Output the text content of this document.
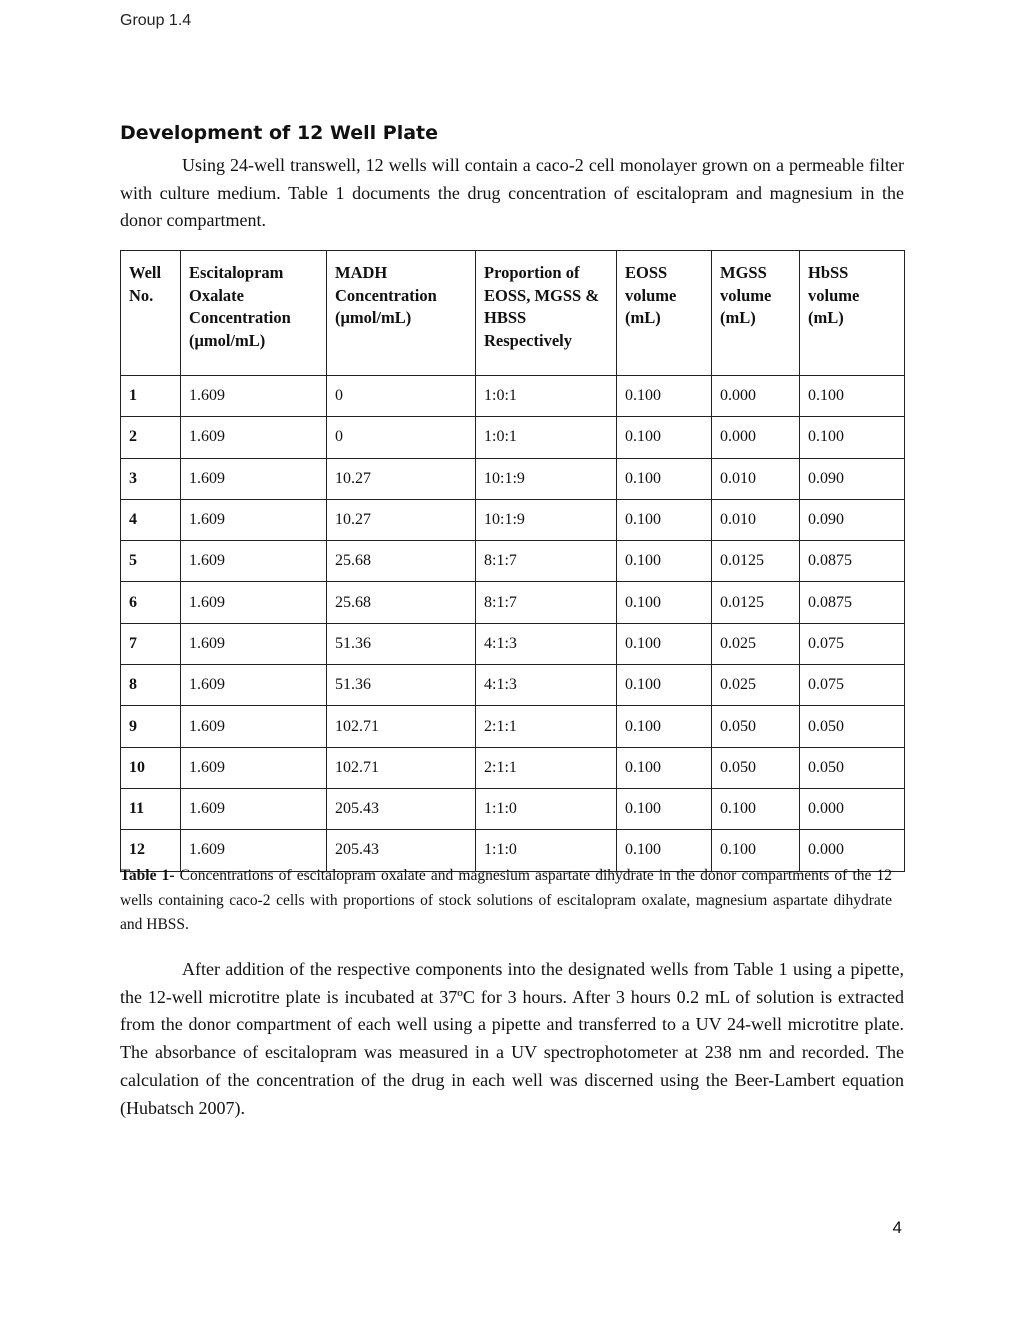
Group 1.4
Development of 12 Well Plate

Using 24-well transwell, 12 wells will contain a caco-2 cell monolayer grown on a permeable filter with culture medium. Table 1 documents the drug concentration of escitalopram and magnesium in the donor compartment.

Well No.	Escitalopram Oxalate Concentration (μmol/mL)	MADH Concentration (μmol/mL)	Proportion of EOSS, MGSS & HBSS Respectively	EOSS volume (mL)	MGSS volume (mL)	HbSS volume (mL)
1	1.609	0	1:0:1	0.100	0.000	0.100
2	1.609	0	1:0:1	0.100	0.000	0.100
3	1.609	10.27	10:1:9	0.100	0.010	0.090
4	1.609	10.27	10:1:9	0.100	0.010	0.090
5	1.609	25.68	8:1:7	0.100	0.0125	0.0875
6	1.609	25.68	8:1:7	0.100	0.0125	0.0875
7	1.609	51.36	4:1:3	0.100	0.025	0.075
8	1.609	51.36	4:1:3	0.100	0.025	0.075
9	1.609	102.71	2:1:1	0.100	0.050	0.050
10	1.609	102.71	2:1:1	0.100	0.050	0.050
11	1.609	205.43	1:1:0	0.100	0.100	0.000
12	1.609	205.43	1:1:0	0.100	0.100	0.000

Table 1- Concentrations of escitalopram oxalate and magnesium aspartate dihydrate in the donor compartments of the 12 wells containing caco-2 cells with proportions of stock solutions of escitalopram oxalate, magnesium aspartate dihydrate and HBSS.

After addition of the respective components into the designated wells from Table 1 using a pipette, the 12-well microtitre plate is incubated at 37ºC for 3 hours. After 3 hours 0.2 mL of solution is extracted from the donor compartment of each well using a pipette and transferred to a UV 24-well microtitre plate. The absorbance of escitalopram was measured in a UV spectrophotometer at 238 nm and recorded. The calculation of the concentration of the drug in each well was discerned using the Beer-Lambert equation (Hubatsch 2007).

4
